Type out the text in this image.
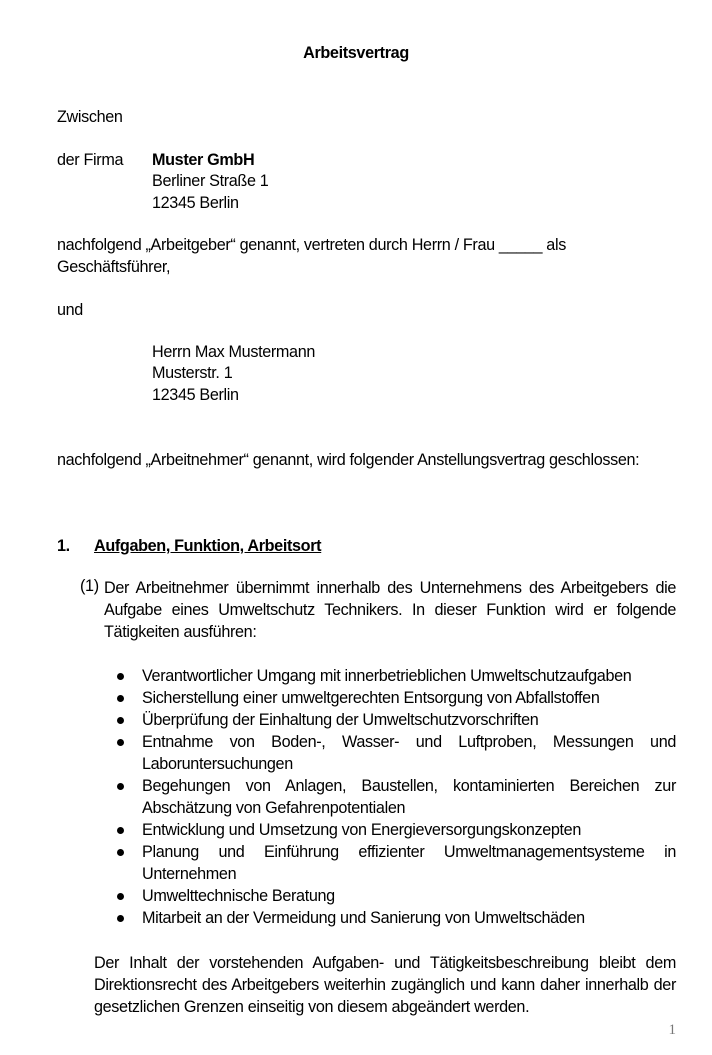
Arbeitsvertrag
Zwischen
der Firma Muster GmbH
Berliner Straße 1
12345 Berlin
nachfolgend „Arbeitgeber“ genannt, vertreten durch Herrn / Frau _____ als
Geschäftsführer,
und
Herrn Max Mustermann
Musterstr. 1
12345 Berlin
nachfolgend „Arbeitnehmer“ genannt, wird folgender Anstellungsvertrag geschlossen:
1. Aufgaben, Funktion, Arbeitsort
(1) Der Arbeitnehmer übernimmt innerhalb des Unternehmens des Arbeitgebers die Aufgabe eines Umweltschutz Technikers. In dieser Funktion wird er folgende Tätigkeiten ausführen:
Verantwortlicher Umgang mit innerbetrieblichen Umweltschutzaufgaben
Sicherstellung einer umweltgerechten Entsorgung von Abfallstoffen
Überprüfung der Einhaltung der Umweltschutzvorschriften
Entnahme von Boden-, Wasser- und Luftproben, Messungen und Laboruntersuchungen
Begehungen von Anlagen, Baustellen, kontaminierten Bereichen zur Abschätzung von Gefahrenpotentialen
Entwicklung und Umsetzung von Energieversorgungskonzepten
Planung und Einführung effizienter Umweltmanagementsysteme in Unternehmen
Umwelttechnische Beratung
Mitarbeit an der Vermeidung und Sanierung von Umweltschäden
Der Inhalt der vorstehenden Aufgaben- und Tätigkeitsbeschreibung bleibt dem Direktionsrecht des Arbeitgebers weiterhin zugänglich und kann daher innerhalb der gesetzlichen Grenzen einseitig von diesem abgeändert werden.
1
